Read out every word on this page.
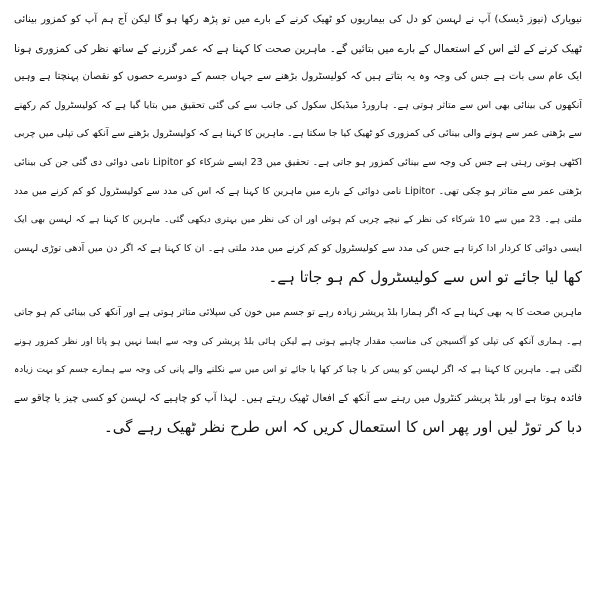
نیویارک (نیوز ڈیسک) آپ نے لہسن کو دل کی بیماریوں کو ٹھیک کرنے کے بارے میں تو پڑھ رکھا ہو گا لیکن آج ہم آپ کو کمزور بینائی
ٹھیک کرنے کے لئے اس کے استعمال کے بارے میں بتائیں گے۔ ماہرین صحت کا کہنا ہے کہ عمر گزرنے کے ساتھ نظر کی کمزوری ہونا
ایک عام سی بات ہے جس کی وجہ وہ یہ بتاتے ہیں کہ کولیسٹرول بڑھنے سے جہاں جسم کے دوسرے حصوں کو نقصان پہنچتا ہے وہیں
آنکھوں کی بینائی بھی اس سے متاثر ہوتی ہے۔ ہارورڈ میڈیکل سکول کی جانب سے کی گئی تحقیق میں بتایا گیا ہے کہ کولیسٹرول کم رکھنے
سے بڑھتی عمر سے ہونے والی بینائی کی کمزوری کو ٹھیک کیا جا سکتا ہے۔ ماہرین کا کہنا ہے کہ کولیسٹرول بڑھنے سے آنکھ کی تپلی میں چربی
اکٹھی ہوتی رہتی ہے جس کی وجہ سے بینائی کمزور ہو جاتی ہے۔ تحقیق میں 23 ایسے شرکاء کو Lipitor نامی دوائی دی گئی جن کی بینائی
بڑھتی عمر سے متاثر ہو چکی تھی۔ Lipitor نامی دوائی کے بارے میں ماہرین کا کہنا ہے کہ اس کی مدد سے کولیسٹرول کو کم کرنے میں مدد
ملتی ہے۔ 23 میں سے 10 شرکاء کی نظر کے نیچے چربی کم ہوئی اور ان کی نظر میں بہتری دیکھی گئی۔ ماہرین کا کہنا ہے کہ لہسن بھی ایک
ایسی دوائی کا کردار ادا کرتا ہے جس کی مدد سے کولیسٹرول کو کم کرنے میں مدد ملتی ہے۔ ان کا کہنا ہے کہ اگر دن میں آدھی توڑی لہسن
کھا لیا جائے تو اس سے کولیسٹرول کم ہو جاتا ہے۔
ماہرین صحت کا یہ بھی کہنا ہے کہ اگر ہمارا بلڈ پریشر زیادہ رہے تو جسم میں خون کی سپلائی متاثر ہوتی ہے اور آنکھ کی بینائی کم ہو جاتی
ہے۔ ہماری آنکھ کی تپلی کو آکسیجن کی مناسب مقدار چاہیے ہوتی ہے لیکن ہائی بلڈ پریشر کی وجہ سے ایسا نہیں ہو پاتا اور نظر کمزور ہونے
لگتی ہے۔ ماہرین کا کہنا ہے کہ اگر لہسن کو پیس کر یا چبا کر کھا یا جائے تو اس میں سے نکلنے والے پانی کی وجہ سے ہمارے جسم کو بہت زیادہ
فائدہ ہوتا ہے اور بلڈ پریشر کنٹرول میں رہنے سے آنکھ کے افعال ٹھیک رہتے ہیں۔ لہذا آپ کو چاہیے کہ لہسن کو کسی چیز یا چاقو سے
دبا کر توڑ لیں اور پھر اس کا استعمال کریں کہ اس طرح نظر ٹھیک رہے گی۔
